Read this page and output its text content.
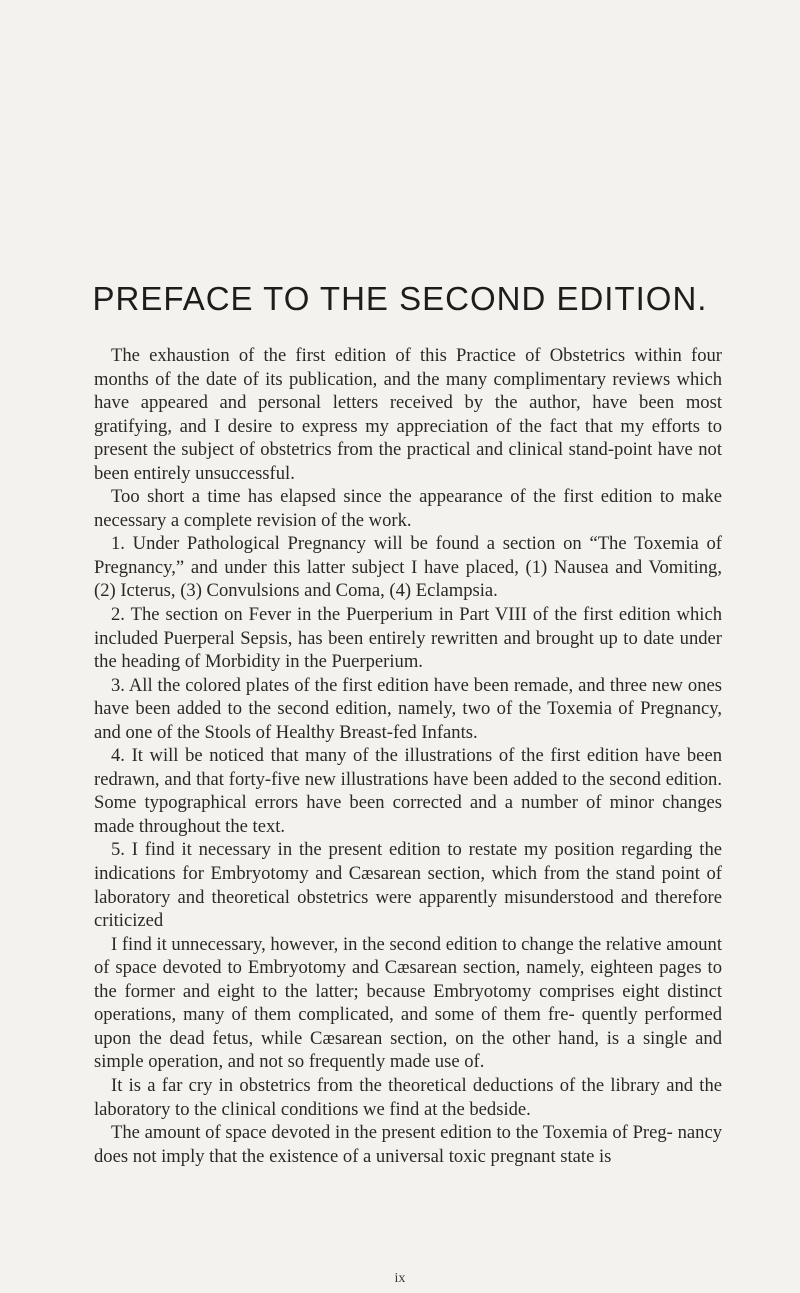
PREFACE TO THE SECOND EDITION.

The exhaustion of the first edition of this Practice of Obstetrics within four months of the date of its publication, and the many complimentary reviews which have appeared and personal letters received by the author, have been most gratifying, and I desire to express my appreciation of the fact that my efforts to present the subject of obstetrics from the practical and clinical stand-point have not been entirely unsuccessful.

Too short a time has elapsed since the appearance of the first edition to make necessary a complete revision of the work.

1. Under Pathological Pregnancy will be found a section on “The Toxemia of Pregnancy,” and under this latter subject I have placed, (1) Nausea and Vomiting, (2) Icterus, (3) Convulsions and Coma, (4) Eclampsia.

2. The section on Fever in the Puerperium in Part VIII of the first edition which included Puerperal Sepsis, has been entirely rewritten and brought up to date under the heading of Morbidity in the Puerperium.

3. All the colored plates of the first edition have been remade, and three new ones have been added to the second edition, namely, two of the Toxemia of Pregnancy, and one of the Stools of Healthy Breast-fed Infants.

4. It will be noticed that many of the illustrations of the first edition have been redrawn, and that forty-five new illustrations have been added to the second edition. Some typographical errors have been corrected and a number of minor changes made throughout the text.

5. I find it necessary in the present edition to restate my position regarding the indications for Embryotomy and Cæsarean section, which from the stand point of laboratory and theoretical obstetrics were apparently misunderstood and therefore criticized

I find it unnecessary, however, in the second edition to change the relative amount of space devoted to Embryotomy and Cæsarean section, namely, eighteen pages to the former and eight to the latter; because Embryotomy comprises eight distinct operations, many of them complicated, and some of them fre- quently performed upon the dead fetus, while Cæsarean section, on the other hand, is a single and simple operation, and not so frequently made use of.

It is a far cry in obstetrics from the theoretical deductions of the library and the laboratory to the clinical conditions we find at the bedside.

The amount of space devoted in the present edition to the Toxemia of Preg- nancy does not imply that the existence of a universal toxic pregnant state is

ix
